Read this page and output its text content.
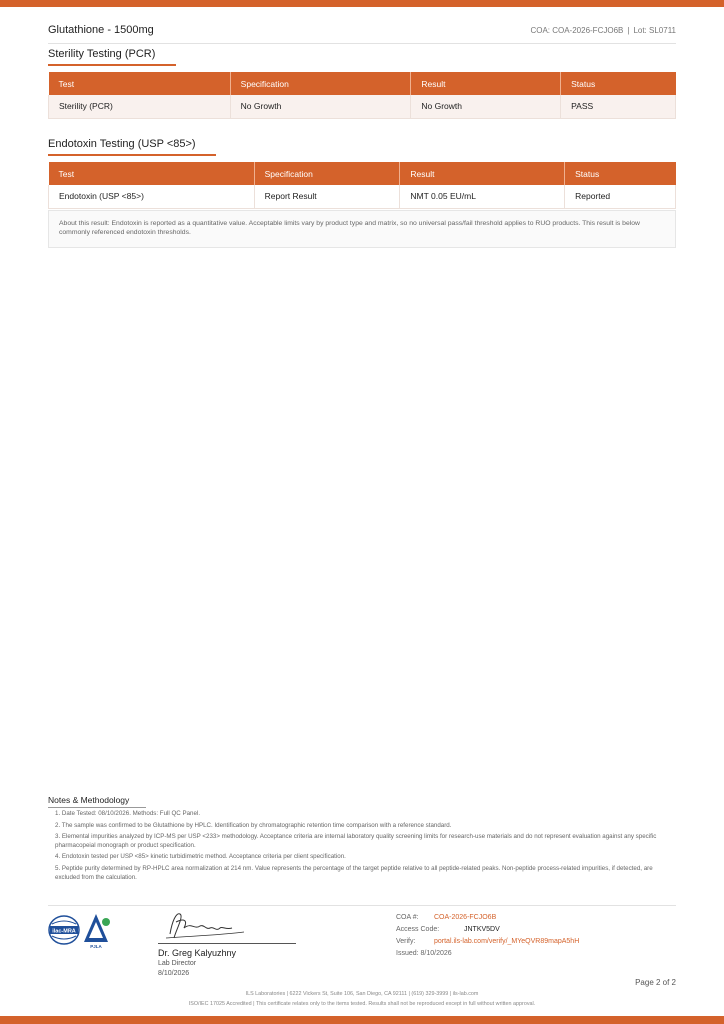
Glutathione - 1500mg	COA: COA-2026-FCJO6B | Lot: SL0711
Sterility Testing (PCR)
Test	Specification	Result	Status
Sterility (PCR)	No Growth	No Growth	PASS
Endotoxin Testing (USP <85>)
Test	Specification	Result	Status
Endotoxin (USP <85>)	Report Result	NMT 0.05 EU/mL	Reported
About this result: Endotoxin is reported as a quantitative value. Acceptable limits vary by product type and matrix, so no universal pass/fail threshold applies to RUO products. This result is below commonly referenced endotoxin thresholds.
Notes & Methodology

1. Date Tested: 08/10/2026. Methods: Full QC Panel.

2. The sample was confirmed to be Glutathione by HPLC. Identification by chromatographic retention time comparison with a reference standard.

3. Elemental impurities analyzed by ICP-MS per USP <233> methodology. Acceptance criteria are internal laboratory quality screening limits for research-use materials and do not represent evaluation against any specific pharmacopeial monograph or product specification.

4. Endotoxin tested per USP <85> kinetic turbidimetric method. Acceptance criteria per client specification.

5. Peptide purity determined by RP-HPLC area normalization at 214 nm. Value represents the percentage of the target peptide relative to all peptide-related peaks. Non-peptide process-related impurities, if detected, are excluded from the calculation.

ilac-MRA
PJLA
Dr. Greg Kalyuzhny
Lab Director
8/10/2026
COA #:	COA-2026-FCJO6B
Access Code:	JNTKV5DV
Verify:	portal.ils-lab.com/verify/_MYeQVR89mapA5hH
Issued: 8/10/2026
Page 2 of 2
ILS Laboratories | 6222 Vickers St, Suite 106, San Diego, CA 92111 | (619) 329-3999 | ils-lab.com
ISO/IEC 17025 Accredited | This certificate relates only to the items tested. Results shall not be reproduced except in full without written approval.
